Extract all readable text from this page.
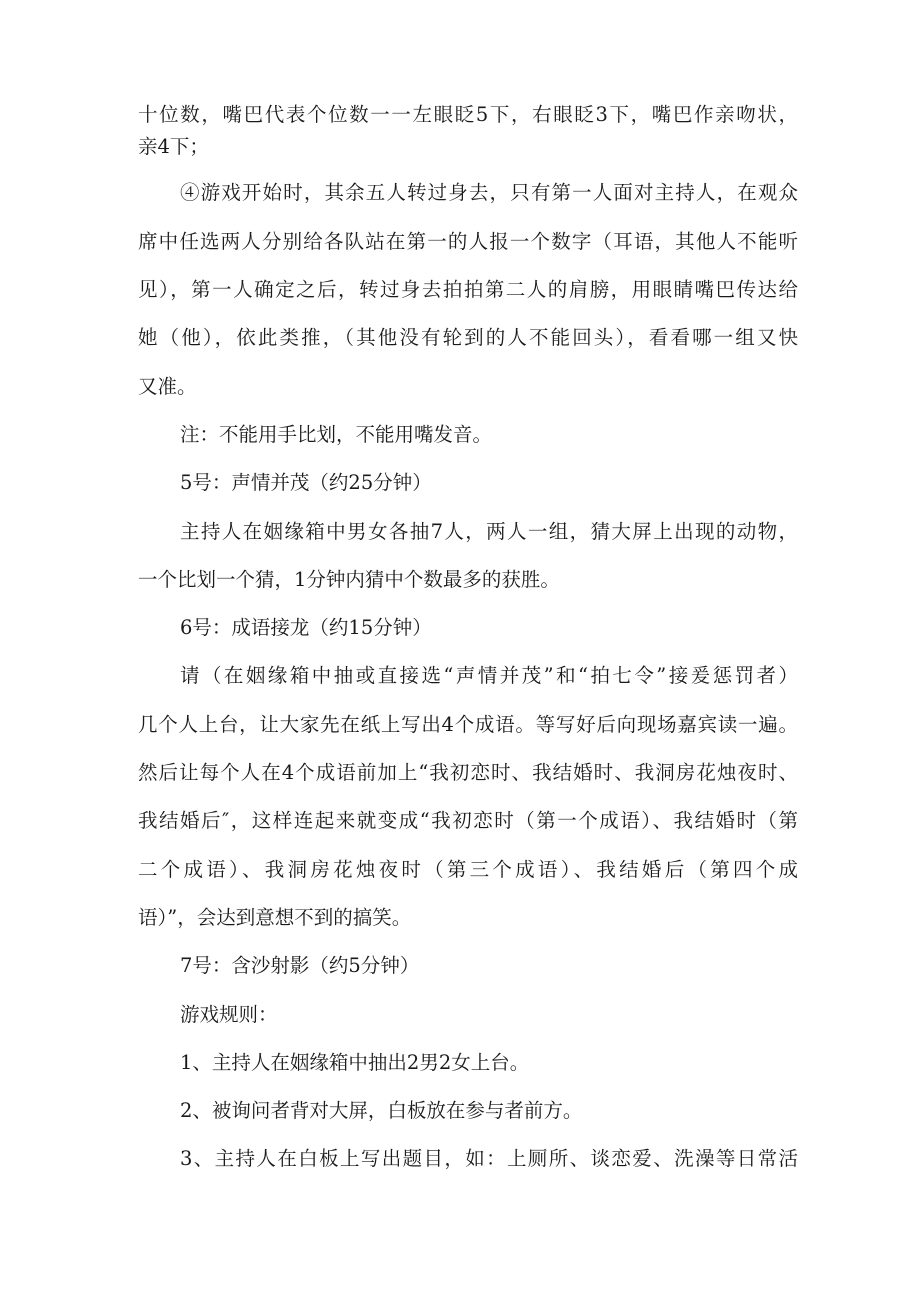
十位数，嘴巴代表个位数一一左眼眨5下，右眼眨3下，嘴巴作亲吻状，
亲4下；
④游戏开始时，其余五人转过身去，只有第一人面对主持人，在观众
席中任选两人分别给各队站在第一的人报一个数字（耳语，其他人不能听
见），第一人确定之后，转过身去拍拍第二人的肩膀，用眼睛嘴巴传达给
她（他），依此类推，（其他没有轮到的人不能回头），看看哪一组又快
又准。
注：不能用手比划，不能用嘴发音。
5号：声情并茂（约25分钟）
主持人在姻缘箱中男女各抽7人，两人一组，猜大屏上出现的动物，
一个比划一个猜，1分钟内猜中个数最多的获胜。
6号：成语接龙（约15分钟）
请（在姻缘箱中抽或直接选“声情并茂”和“拍七令”接爰惩罚者）
几个人上台，让大家先在纸上写出4个成语。等写好后向现场嘉宾读一遍。
然后让每个人在4个成语前加上“我初恋时、我结婚时、我洞房花烛夜时、
我结婚后″，这样连起来就变成“我初恋时（第一个成语）、我结婚时（第
二个成语）、我洞房花烛夜时（第三个成语）、我结婚后（第四个成
语）”，会达到意想不到的搞笑。
7号：含沙射影（约5分钟）
游戏规则：
1、主持人在姻缘箱中抽出2男2女上台。
2、被询问者背对大屏，白板放在参与者前方。
3、主持人在白板上写出题目，如：上厕所、谈恋爱、洗澡等日常活
